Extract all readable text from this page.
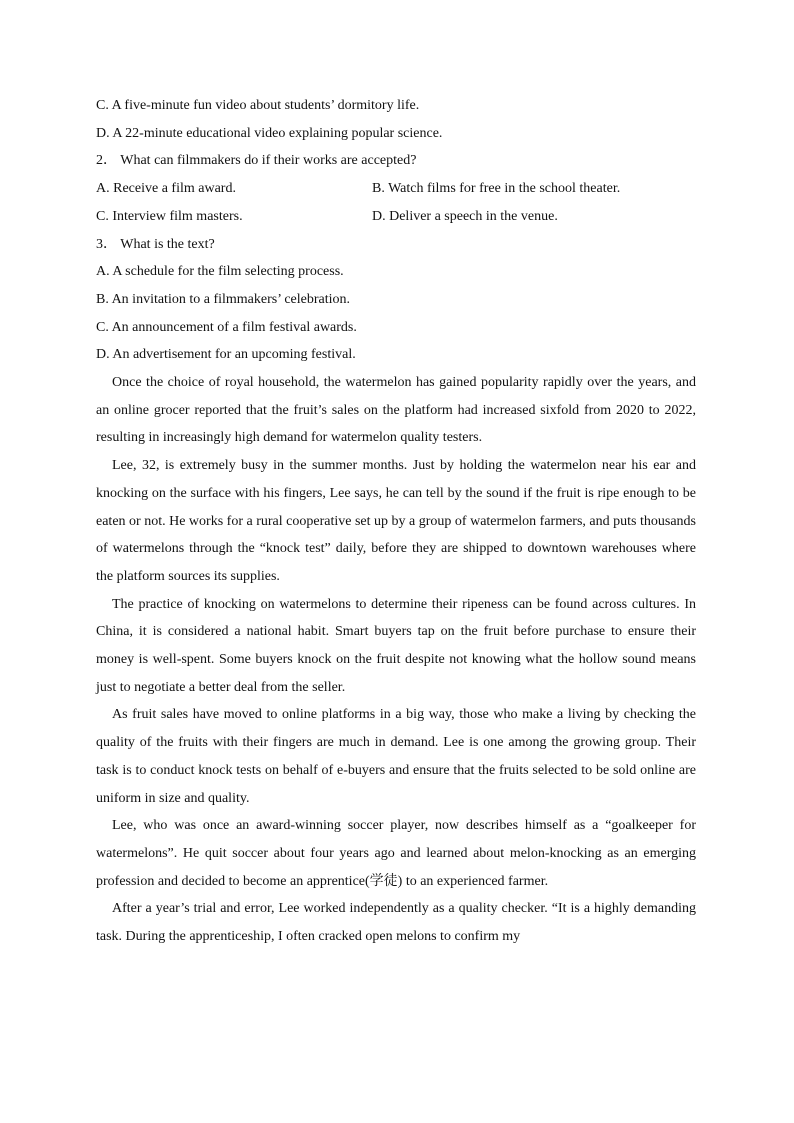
C. A five-minute fun video about students’ dormitory life.

D. A 22-minute educational video explaining popular science.

2． What can filmmakers do if their works are accepted?

A. Receive a film award.	B. Watch films for free in the school theater.
C. Interview film masters.	D. Deliver a speech in the venue.

3． What is the text?

A. A schedule for the film selecting process.

B. An invitation to a filmmakers’ celebration.

C. An announcement of a film festival awards.

D. An advertisement for an upcoming festival.

Once the choice of royal household, the watermelon has gained popularity rapidly over the years, and an online grocer reported that the fruit’s sales on the platform had increased sixfold from 2020 to 2022, resulting in increasingly high demand for watermelon quality testers.

Lee, 32, is extremely busy in the summer months. Just by holding the watermelon near his ear and knocking on the surface with his fingers, Lee says, he can tell by the sound if the fruit is ripe enough to be eaten or not. He works for a rural cooperative set up by a group of watermelon farmers, and puts thousands of watermelons through the “knock test” daily, before they are shipped to downtown warehouses where the platform sources its supplies.

The practice of knocking on watermelons to determine their ripeness can be found across cultures. In China, it is considered a national habit. Smart buyers tap on the fruit before purchase to ensure their money is well-spent. Some buyers knock on the fruit despite not knowing what the hollow sound means just to negotiate a better deal from the seller.

As fruit sales have moved to online platforms in a big way, those who make a living by checking the quality of the fruits with their fingers are much in demand. Lee is one among the growing group. Their task is to conduct knock tests on behalf of e-buyers and ensure that the fruits selected to be sold online are uniform in size and quality.

Lee, who was once an award-winning soccer player, now describes himself as a “goalkeeper for watermelons”. He quit soccer about four years ago and learned about melon-knocking as an emerging profession and decided to become an apprentice(学徒) to an experienced farmer.

After a year’s trial and error, Lee worked independently as a quality checker. “It is a highly demanding task. During the apprenticeship, I often cracked open melons to confirm my
